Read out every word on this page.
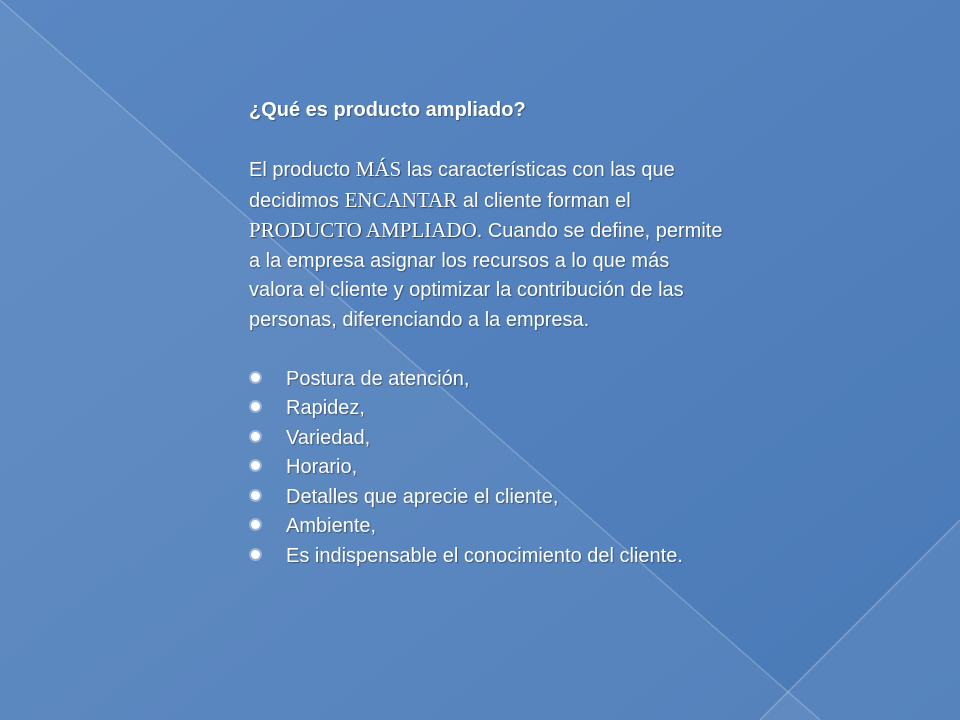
¿Qué es producto ampliado?

El producto MÁS las características con las que decidimos ENCANTAR al cliente forman el PRODUCTO AMPLIADO. Cuando se define, permite a la empresa asignar los recursos a lo que más valora el cliente y optimizar la contribución de las personas, diferenciando a la empresa.

Postura de atención,
Rapidez,
Variedad,
Horario,
Detalles que aprecie el cliente,
Ambiente,
Es indispensable el conocimiento del cliente.
